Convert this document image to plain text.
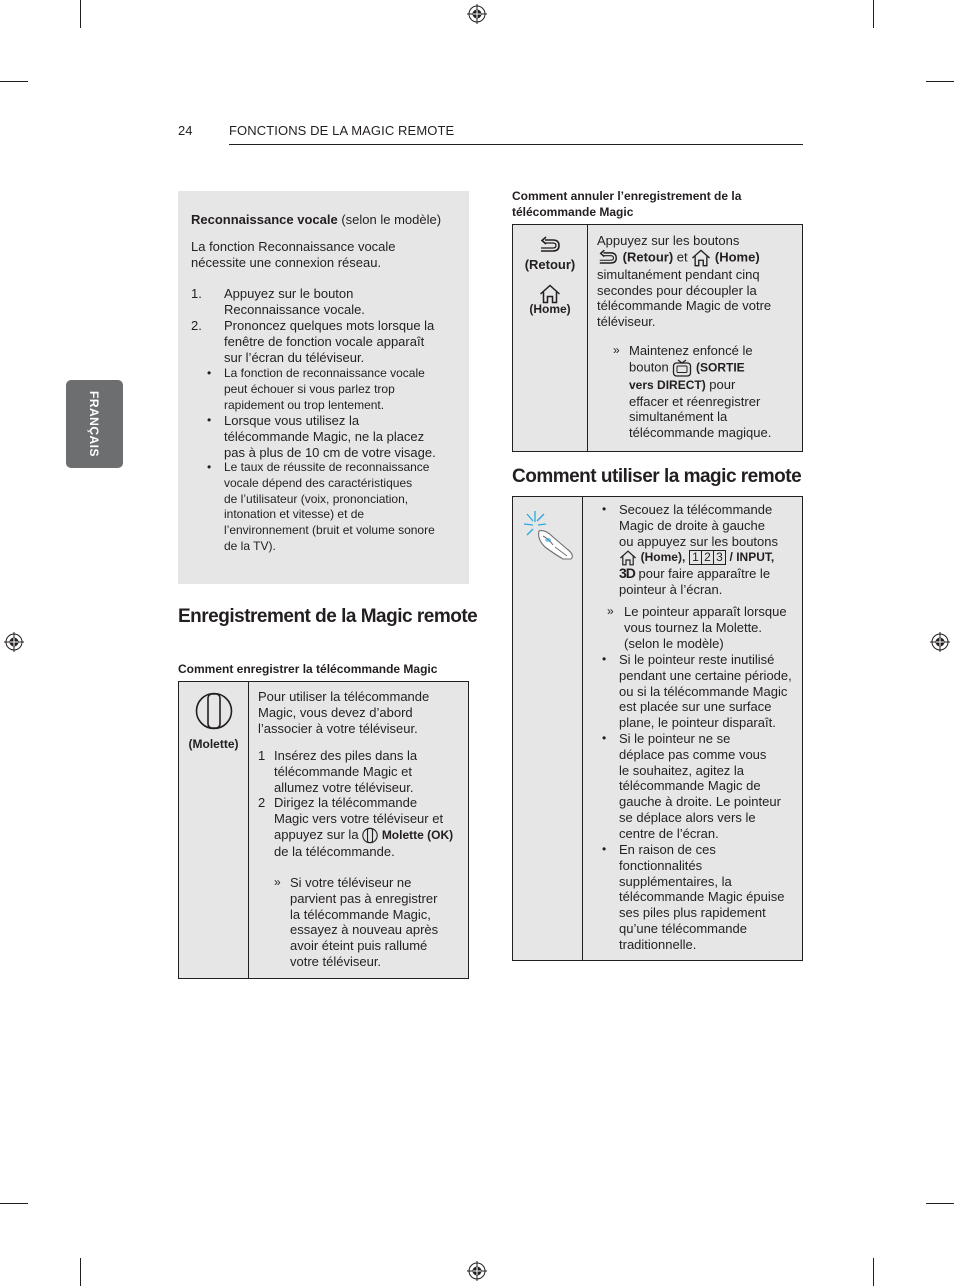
24	FONCTIONS DE LA MAGIC REMOTE
FRANÇAIS
Reconnaissance vocale (selon le modèle)
La fonction Reconnaissance vocale
nécessite une connexion réseau.
1. Appuyez sur le bouton
Reconnaissance vocale.
2. Prononcez quelques mots lorsque la
fenêtre de fonction vocale apparaît
sur l’écran du téléviseur.
• La fonction de reconnaissance vocale
peut échouer si vous parlez trop
rapidement ou trop lentement.
• Lorsque vous utilisez la
télécommande Magic, ne la placez
pas à plus de 10 cm de votre visage.
• Le taux de réussite de reconnaissance
vocale dépend des caractéristiques
de l’utilisateur (voix, prononciation,
intonation et vitesse) et de
l’environnement (bruit et volume sonore
de la TV).
Enregistrement de la Magic remote
Comment enregistrer la télécommande Magic
(Molette)
Pour utiliser la télécommande
Magic, vous devez d’abord
l’associer à votre téléviseur.
1 Insérez des piles dans la
télécommande Magic et
allumez votre téléviseur.
2 Dirigez la télécommande
Magic vers votre téléviseur et
appuyez sur la Molette (OK)
de la télécommande.
» Si votre téléviseur ne
parvient pas à enregistrer
la télécommande Magic,
essayez à nouveau après
avoir éteint puis rallumé
votre téléviseur.
Comment annuler l’enregistrement de la
télécommande Magic
(Retour)
(Home)
Appuyez sur les boutons
(Retour) et (Home)
simultanément pendant cinq
secondes pour découpler la
télécommande Magic de votre
téléviseur.
» Maintenez enfoncé le
bouton (SORTIE
vers DIRECT) pour
effacer et réenregistrer
simultanément la
télécommande magique.
Comment utiliser la magic remote
• Secouez la télécommande
Magic de droite à gauche
ou appuyez sur les boutons
(Home), 1 2 3 / INPUT,
3D pour faire apparaître le
pointeur à l’écran.
» Le pointeur apparaît lorsque
vous tournez la Molette.
(selon le modèle)
• Si le pointeur reste inutilisé
pendant une certaine période,
ou si la télécommande Magic
est placée sur une surface
plane, le pointeur disparaît.
• Si le pointeur ne se
déplace pas comme vous
le souhaitez, agitez la
télécommande Magic de
gauche à droite. Le pointeur
se déplace alors vers le
centre de l’écran.
• En raison de ces
fonctionnalités
supplémentaires, la
télécommande Magic épuise
ses piles plus rapidement
qu’une télécommande
traditionnelle.
